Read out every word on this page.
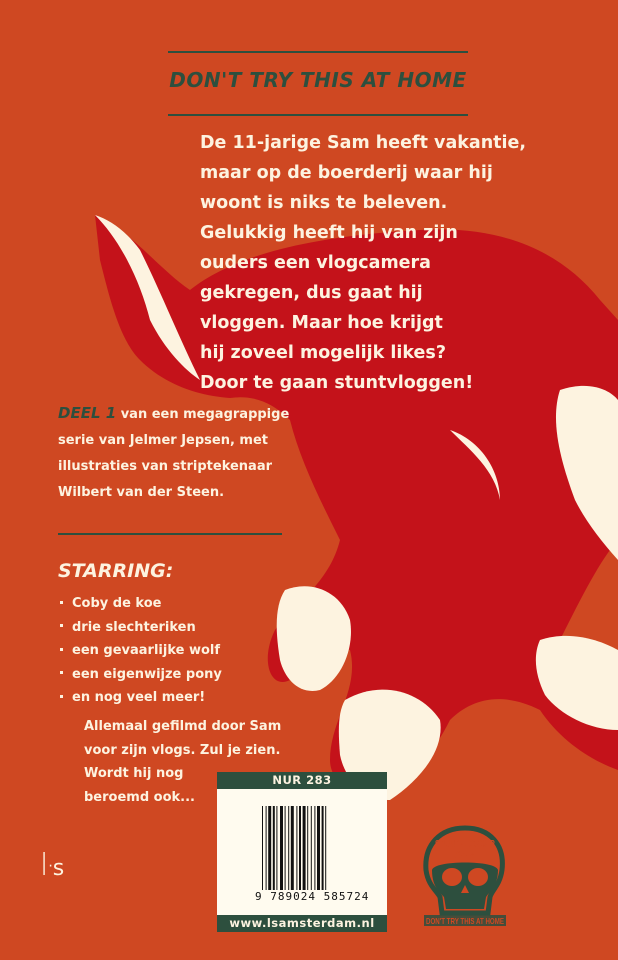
DON'T TRY THIS AT HOME
De 11-jarige Sam heeft vakantie,
maar op de boerderij waar hij
woont is niks te beleven.
Gelukkig heeft hij van zijn
ouders een vlogcamera
gekregen, dus gaat hij
vloggen. Maar hoe krijgt
hij zoveel mogelijk likes?
Door te gaan stuntvloggen!
DEEL 1 van een megagrappige
serie van Jelmer Jepsen, met
illustraties van striptekenaar
Wilbert van der Steen.
STARRING:
Coby de koe
drie slechteriken
een gevaarlijke wolf
een eigenwijze pony
en nog veel meer!
Allemaal gefilmd door Sam
voor zijn vlogs. Zul je zien.
Wordt hij nog
beroemd ook...
NUR 283
9 789024 585724
www.lsamsterdam.nl
l·s
STUNTVLOGGER
SAM
DON'T TRY THIS AT HOME
